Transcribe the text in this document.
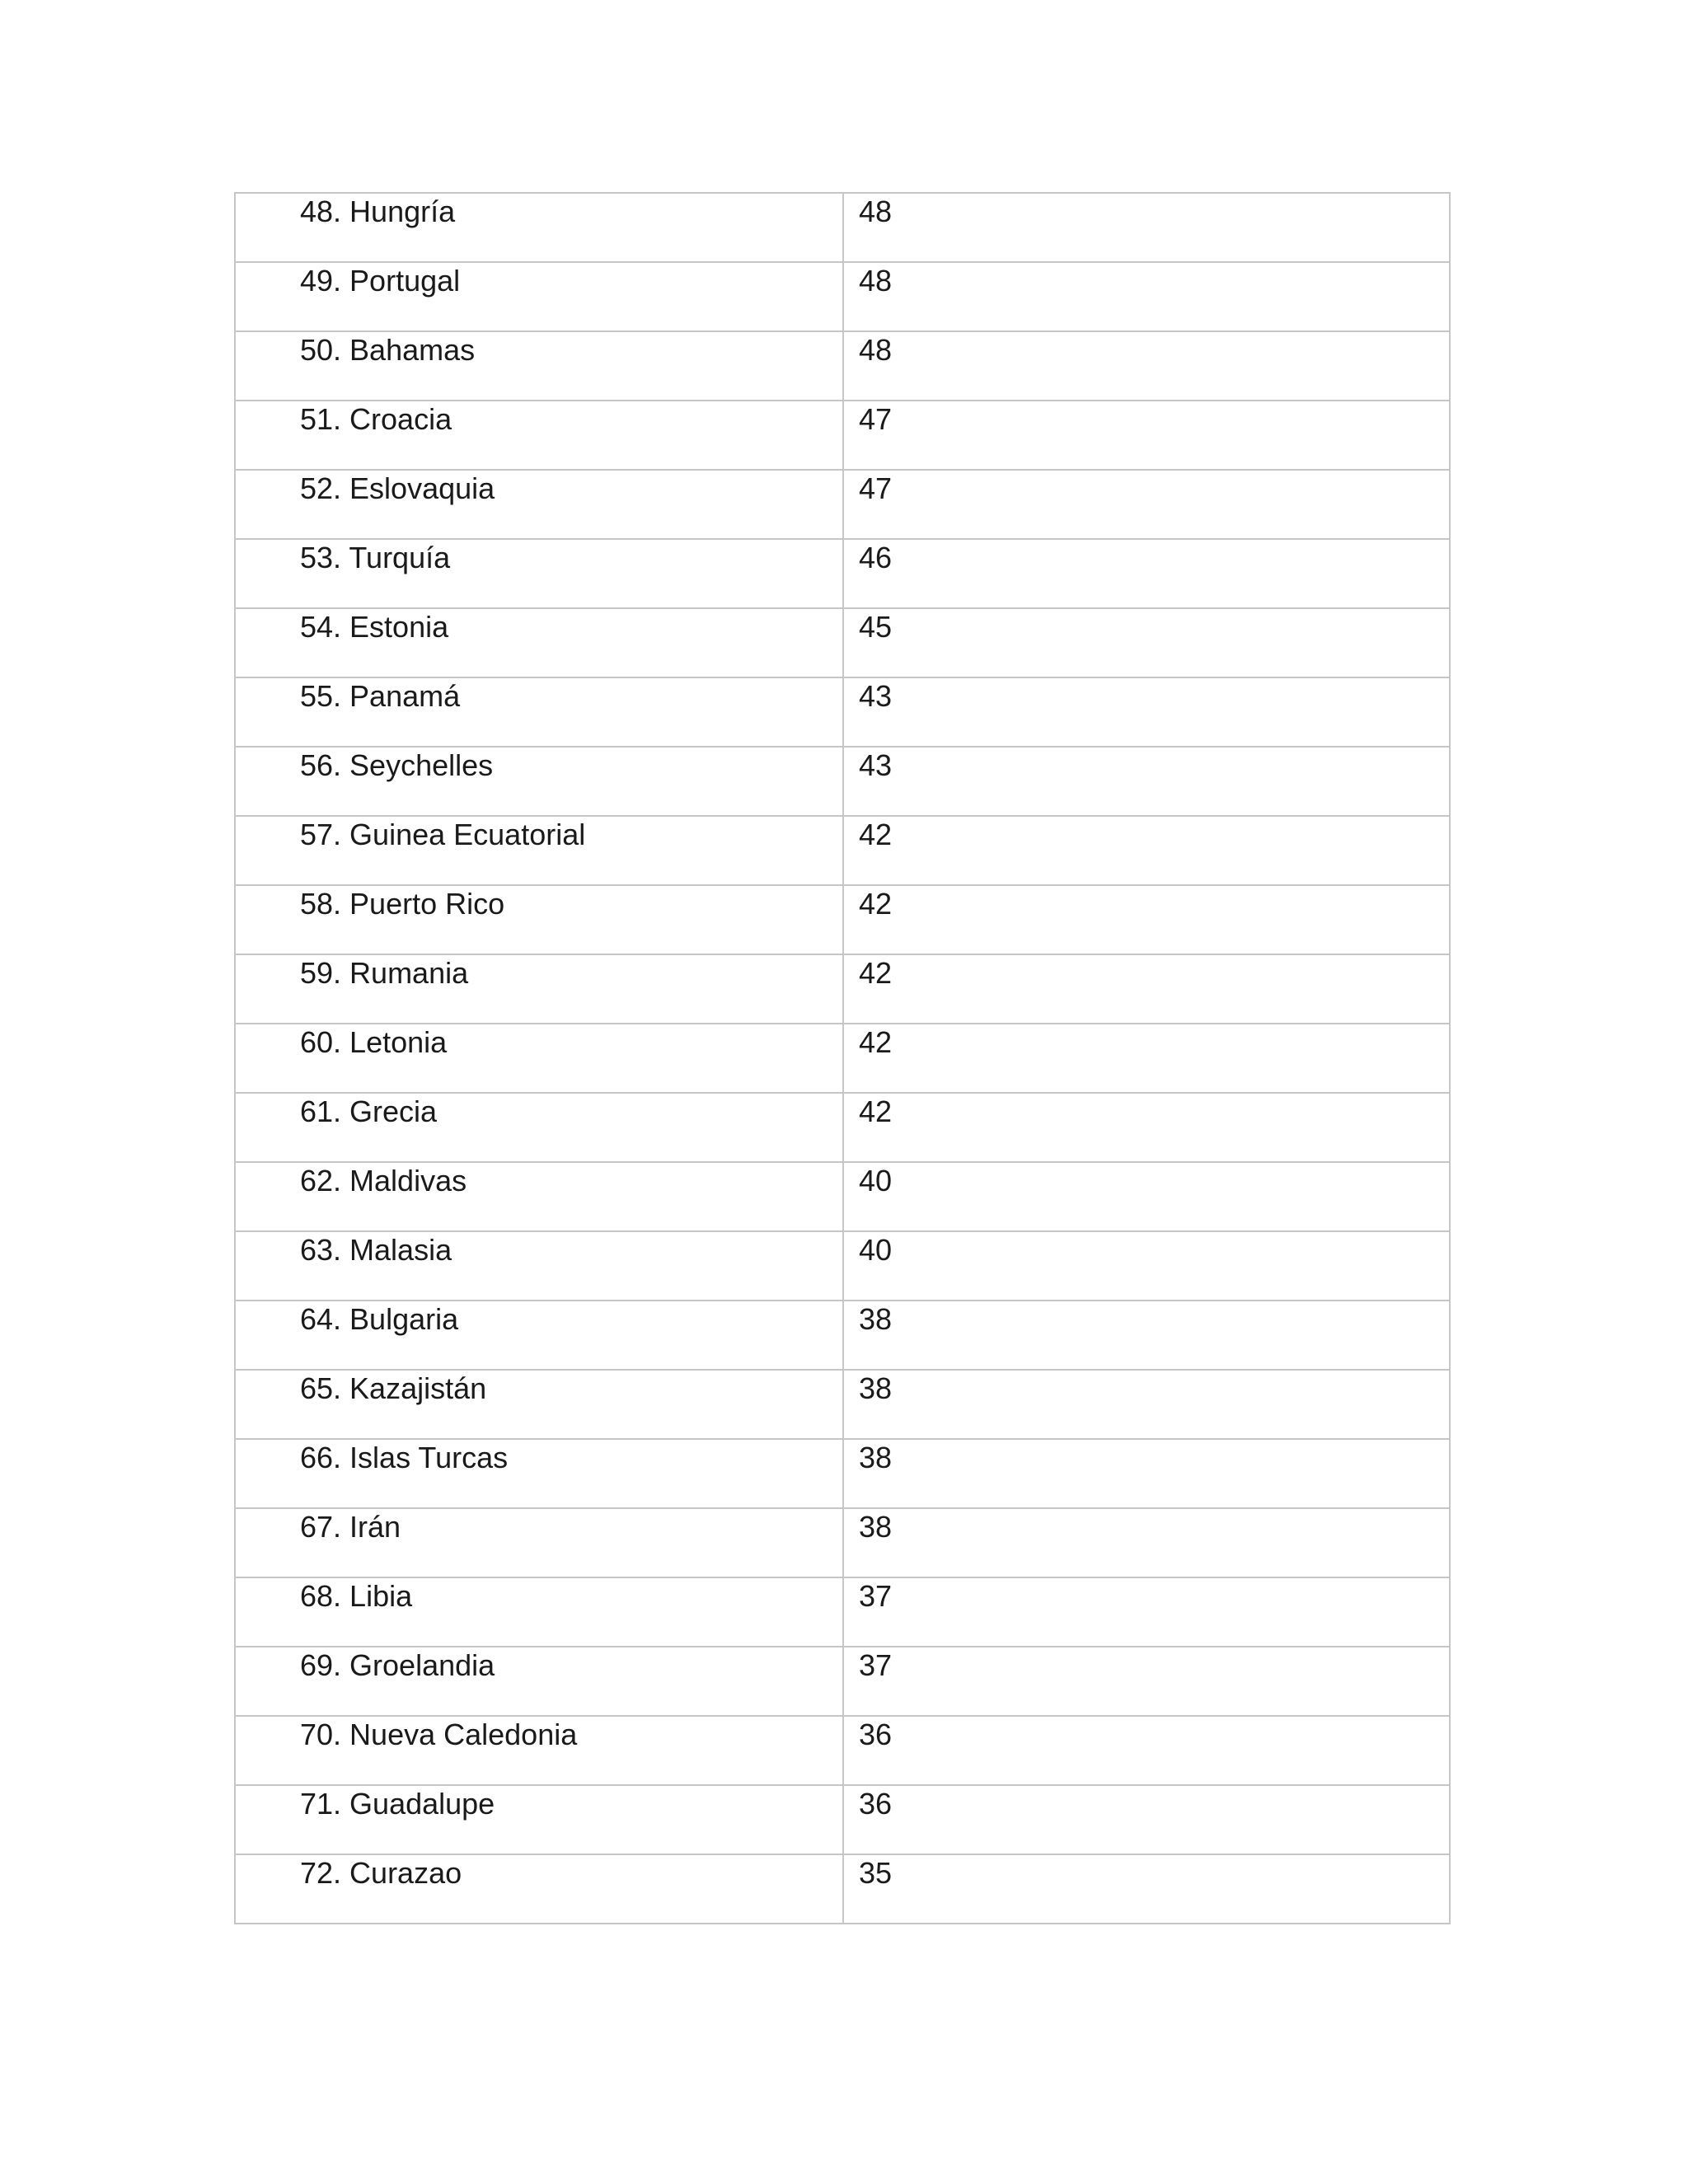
48. Hungría	48
49. Portugal	48
50. Bahamas	48
51. Croacia	47
52. Eslovaquia	47
53. Turquía	46
54. Estonia	45
55. Panamá	43
56. Seychelles	43
57. Guinea Ecuatorial	42
58. Puerto Rico	42
59. Rumania	42
60. Letonia	42
61. Grecia	42
62. Maldivas	40
63. Malasia	40
64. Bulgaria	38
65. Kazajistán	38
66. Islas Turcas	38
67. Irán	38
68. Libia	37
69. Groelandia	37
70. Nueva Caledonia	36
71. Guadalupe	36
72. Curazao	35
